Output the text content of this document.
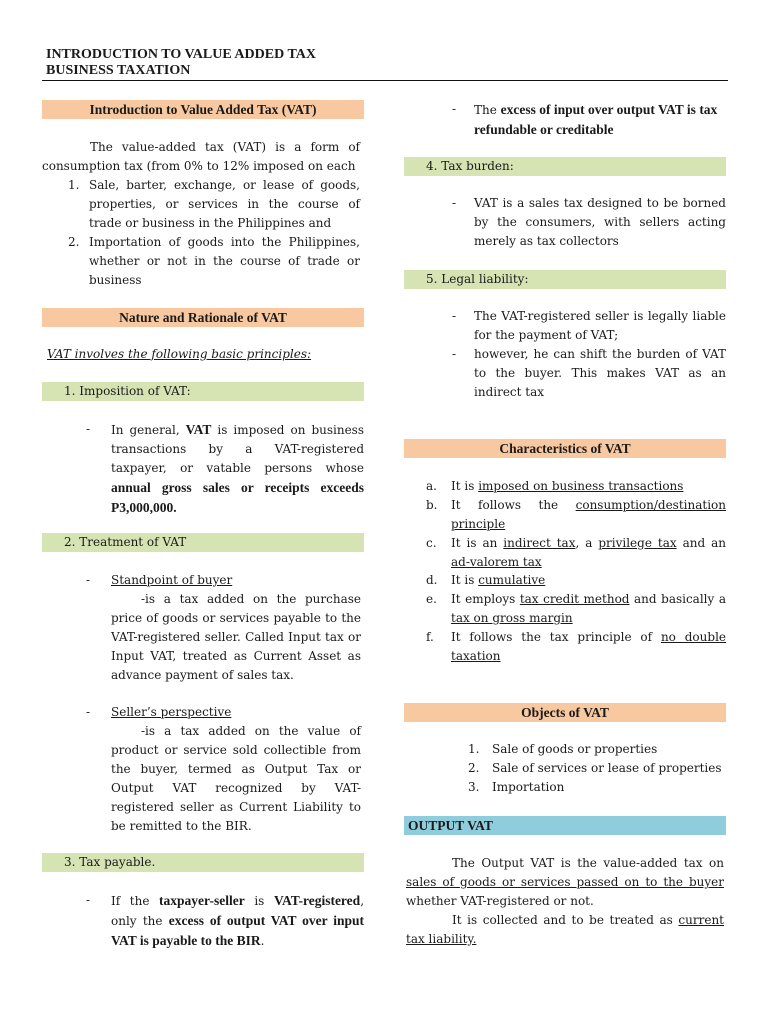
INTRODUCTION TO VALUE ADDED TAX
BUSINESS TAXATION
Introduction to Value Added Tax (VAT)
The value-added tax (VAT) is a form of consumption tax (from 0% to 12% imposed on each
1. Sale, barter, exchange, or lease of goods, properties, or services in the course of trade or business in the Philippines and
2. Importation of goods into the Philippines, whether or not in the course of trade or business
Nature and Rationale of VAT
VAT involves the following basic principles:
1. Imposition of VAT:
- In general, VAT is imposed on business transactions by a VAT-registered taxpayer, or vatable persons whose annual gross sales or receipts exceeds P3,000,000.
2. Treatment of VAT
- Standpoint of buyer
-is a tax added on the purchase price of goods or services payable to the VAT-registered seller. Called Input tax or Input VAT, treated as Current Asset as advance payment of sales tax.
- Seller’s perspective
-is a tax added on the value of product or service sold collectible from the buyer, termed as Output Tax or Output VAT recognized by VAT-registered seller as Current Liability to be remitted to the BIR.
3. Tax payable.
- If the taxpayer-seller is VAT-registered, only the excess of output VAT over input VAT is payable to the BIR.
- The excess of input over output VAT is tax refundable or creditable
4. Tax burden:
- VAT is a sales tax designed to be borned by the consumers, with sellers acting merely as tax collectors
5. Legal liability:
- The VAT-registered seller is legally liable for the payment of VAT;
- however, he can shift the burden of VAT to the buyer. This makes VAT as an indirect tax
Characteristics of VAT
a. It is imposed on business transactions
b. It follows the consumption/destination principle
c. It is an indirect tax, a privilege tax and an ad-valorem tax
d. It is cumulative
e. It employs tax credit method and basically a tax on gross margin
f. It follows the tax principle of no double taxation
Objects of VAT
1. Sale of goods or properties
2. Sale of services or lease of properties
3. Importation
OUTPUT VAT
The Output VAT is the value-added tax on sales of goods or services passed on to the buyer whether VAT-registered or not.
It is collected and to be treated as current tax liability.
